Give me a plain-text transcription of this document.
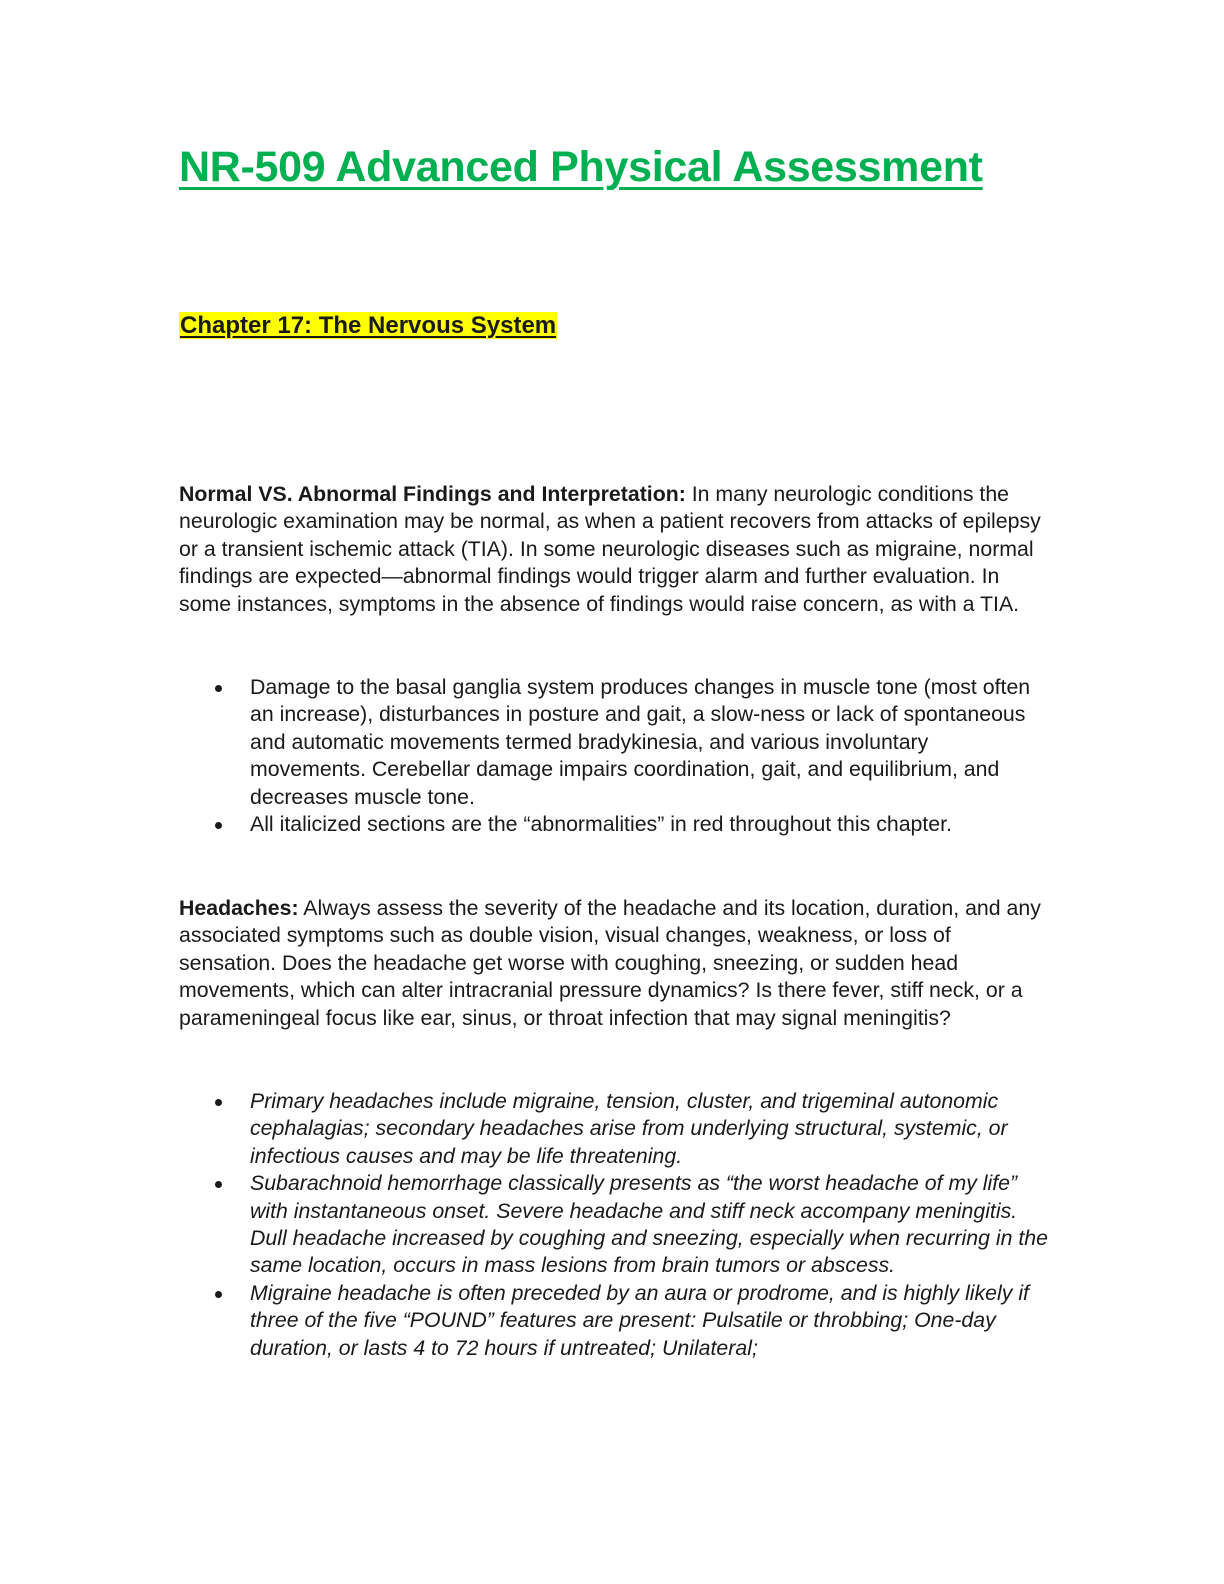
NR-509 Advanced Physical Assessment
Chapter 17: The Nervous System

Normal VS. Abnormal Findings and Interpretation: In many neurologic conditions the neurologic examination may be normal, as when a patient recovers from attacks of epilepsy or a transient ischemic attack (TIA). In some neurologic diseases such as migraine, normal findings are expected—abnormal findings would trigger alarm and further evaluation. In some instances, symptoms in the absence of findings would raise concern, as with a TIA.

Damage to the basal ganglia system produces changes in muscle tone (most often an increase), disturbances in posture and gait, a slow-ness or lack of spontaneous and automatic movements termed bradykinesia, and various involuntary movements. Cerebellar damage impairs coordination, gait, and equilibrium, and decreases muscle tone.
All italicized sections are the “abnormalities” in red throughout this chapter.

Headaches: Always assess the severity of the headache and its location, duration, and any associated symptoms such as double vision, visual changes, weakness, or loss of sensation. Does the headache get worse with coughing, sneezing, or sudden head movements, which can alter intracranial pressure dynamics? Is there fever, stiff neck, or a parameningeal focus like ear, sinus, or throat infection that may signal meningitis?

Primary headaches include migraine, tension, cluster, and trigeminal autonomic cephalagias; secondary headaches arise from underlying structural, systemic, or infectious causes and may be life threatening.
Subarachnoid hemorrhage classically presents as “the worst headache of my life” with instantaneous onset. Severe headache and stiff neck accompany meningitis. Dull headache increased by coughing and sneezing, especially when recurring in the same location, occurs in mass lesions from brain tumors or abscess.
Migraine headache is often preceded by an aura or prodrome, and is highly likely if three of the five “POUND” features are present: Pulsatile or throbbing; One-day duration, or lasts 4 to 72 hours if untreated; Unilateral;
